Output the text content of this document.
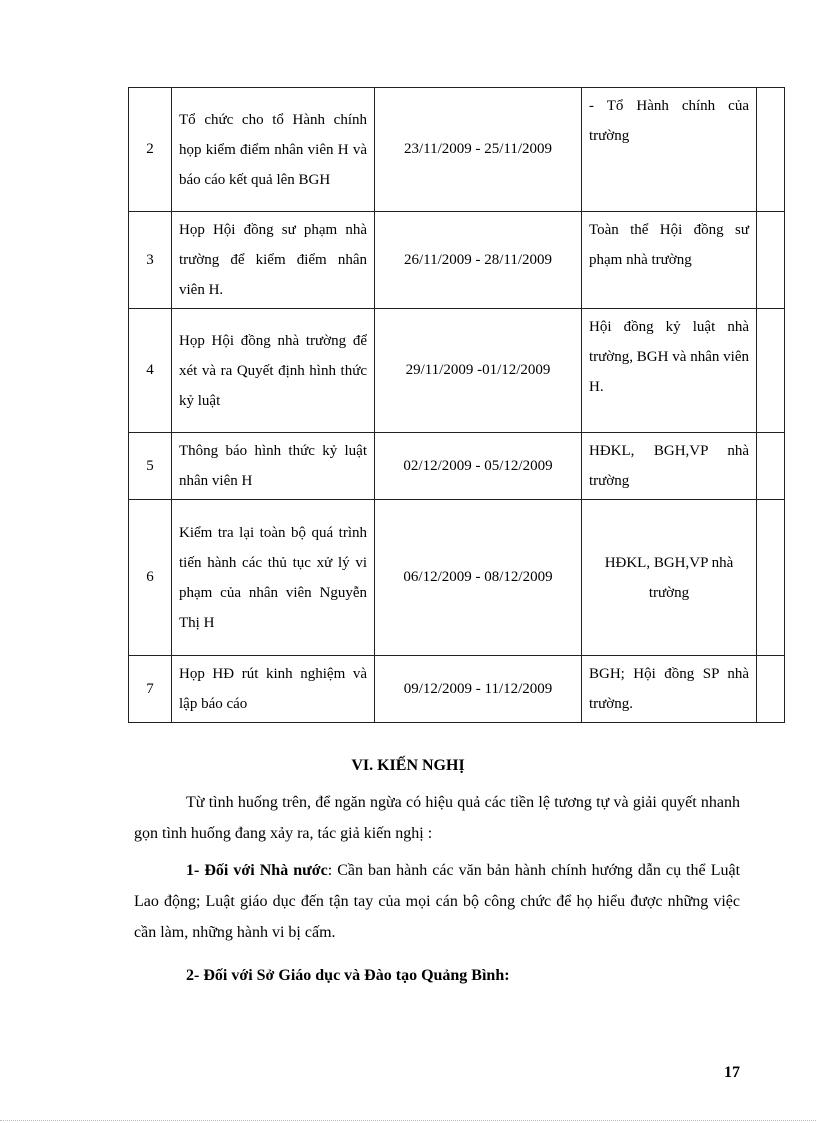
2	Tổ chức cho tổ Hành chính họp kiểm điểm nhân viên H và báo cáo kết quả lên BGH	23/11/2009 - 25/11/2009	- Tổ Hành chính của trường	
3	Họp Hội đồng sư phạm nhà trường để kiểm điểm nhân viên H.	26/11/2009 - 28/11/2009	Toàn thể Hội đồng sư phạm nhà trường	
4	Họp Hội đồng nhà trường để xét và ra Quyết định hình thức kỷ luật	29/11/2009 -01/12/2009	Hội đồng kỷ luật nhà trường, BGH và nhân viên H.	
5	Thông báo hình thức kỷ luật nhân viên H	02/12/2009 - 05/12/2009	HĐKL, BGH,VP nhà trường	
6	Kiểm tra lại toàn bộ quá trình tiến hành các thủ tục xử lý vi phạm của nhân viên Nguyễn Thị H	06/12/2009 - 08/12/2009	HĐKL, BGH,VP nhà trường	
7	Họp HĐ rút kinh nghiệm và lập báo cáo	09/12/2009 - 11/12/2009	BGH; Hội đồng SP nhà trường.	
VI. KIẾN NGHỊ
Từ tình huống trên, để ngăn ngừa có hiệu quả các tiền lệ tương tự và giải quyết nhanh gọn tình huống đang xảy ra, tác giả kiến nghị :
1- Đối với Nhà nước: Cần ban hành các văn bản hành chính hướng dẫn cụ thể Luật Lao động; Luật giáo dục đến tận tay của mọi cán bộ công chức để họ hiểu được những việc cần làm, những hành vi bị cấm.
2- Đối với Sở Giáo dục và Đào tạo Quảng Bình:
17
